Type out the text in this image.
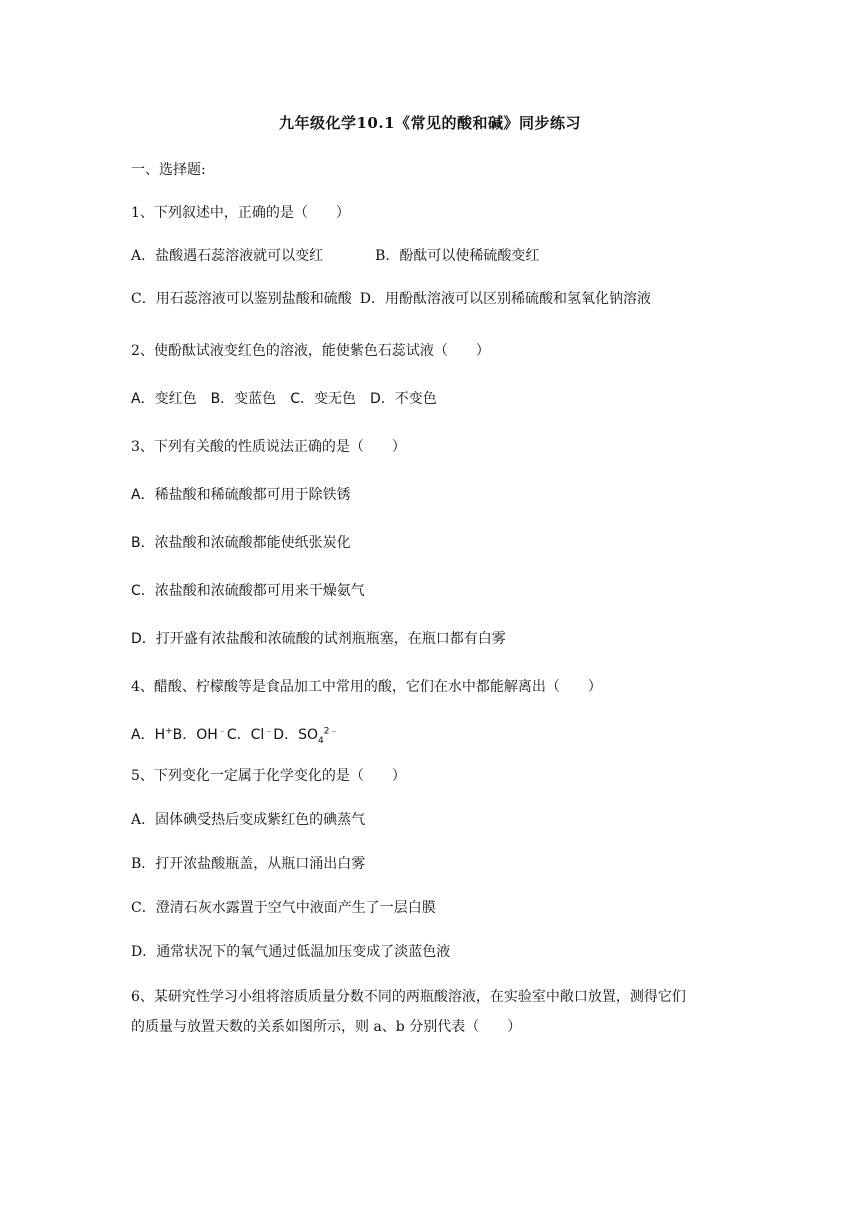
九年级化学10.1《常见的酸和碱》同步练习
一、选择题:
1、下列叙述中，正确的是（　　）
A．盐酸遇石蕊溶液就可以变红	B．酚酞可以使稀硫酸变红
C．用石蕊溶液可以鉴别盐酸和硫酸 D．用酚酞溶液可以区别稀硫酸和氢氧化钠溶液
2、使酚酞试液变红色的溶液，能使紫色石蕊试液（　　）
A．变红色 B．变蓝色 C．变无色 D．不变色
3、下列有关酸的性质说法正确的是（　　）
A．稀盐酸和稀硫酸都可用于除铁锈
B．浓盐酸和浓硫酸都能使纸张炭化
C．浓盐酸和浓硫酸都可用来干燥氨气
D．打开盛有浓盐酸和浓硫酸的试剂瓶瓶塞，在瓶口都有白雾
4、醋酸、柠檬酸等是食品加工中常用的酸，它们在水中都能解离出（　　）
A．H+B．OH﹣C．Cl﹣D．$SO_4^{2﹣}$
5、下列变化一定属于化学变化的是（　　）
A．固体碘受热后变成紫红色的碘蒸气
B．打开浓盐酸瓶盖，从瓶口涌出白雾
C．澄清石灰水露置于空气中液面产生了一层白膜
D．通常状况下的氧气通过低温加压变成了淡蓝色液
6、某研究性学习小组将溶质质量分数不同的两瓶酸溶液，在实验室中敞口放置，测得它们
的质量与放置天数的关系如图所示，则 a、b 分别代表（　　）
